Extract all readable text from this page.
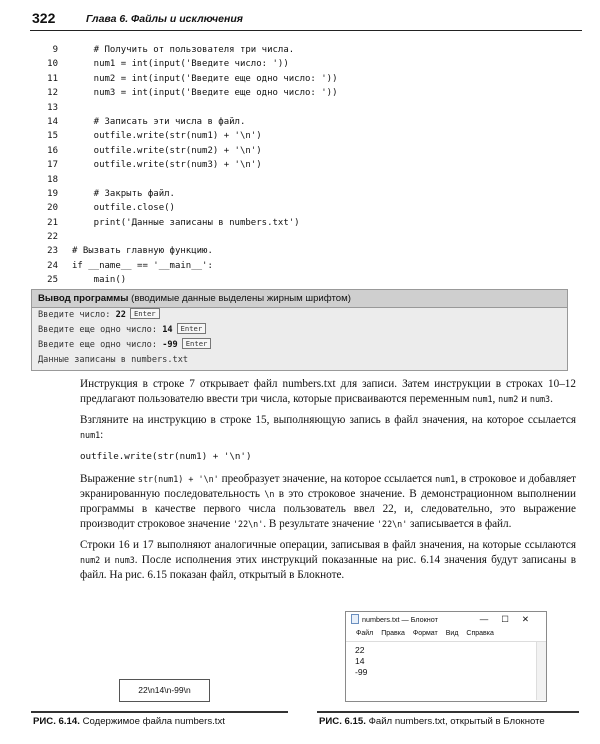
322	Глава 6. Файлы и исключения
9    # Получить от пользователя три числа.
10    num1 = int(input('Введите число: '))
11    num2 = int(input('Введите еще одно число: '))
12    num3 = int(input('Введите еще одно число: '))
13
14    # Записать эти числа в файл.
15    outfile.write(str(num1) + '\n')
16    outfile.write(str(num2) + '\n')
17    outfile.write(str(num3) + '\n')
18
19    # Закрыть файл.
20    outfile.close()
21    print('Данные записаны в numbers.txt')
22
23 # Вызвать главную функцию.
24 if __name__ == '__main__':
25    main()
Вывод программы (вводимые данные выделены жирным шрифтом)
Введите число: 22 Enter
Введите еще одно число: 14 Enter
Введите еще одно число: -99 Enter
Данные записаны в numbers.txt

Инструкция в строке 7 открывает файл numbers.txt для записи. Затем инструкции в строках 10–12 предлагают пользователю ввести три числа, которые присваиваются переменным num1, num2 и num3.

Взгляните на инструкцию в строке 15, выполняющую запись в файл значения, на которое ссылается num1:

outfile.write(str(num1) + '\n')

Выражение str(num1) + '\n' преобразует значение, на которое ссылается num1, в строковое и добавляет экранированную последовательность \n в это строковое значение. В демонстрационном выполнении программы в качестве первого числа пользователь ввел 22, и, следовательно, это выражение производит строковое значение '22\n'. В результате значение '22\n' записывается в файл.

Строки 16 и 17 выполняют аналогичные операции, записывая в файл значения, на которые ссылаются num2 и num3. После исполнения этих инструкций показанные на рис. 6.14 значения будут записаны в файл. На рис. 6.15 показан файл, открытый в Блокноте.

numbers.txt — Блокнот	—☐✕
Файл Правка Формат Вид Справка
22
14
-99
22\n14\n-99\n
РИС. 6.14. Содержимое файла numbers.txt	РИС. 6.15. Файл numbers.txt, открытый в Блокноте
